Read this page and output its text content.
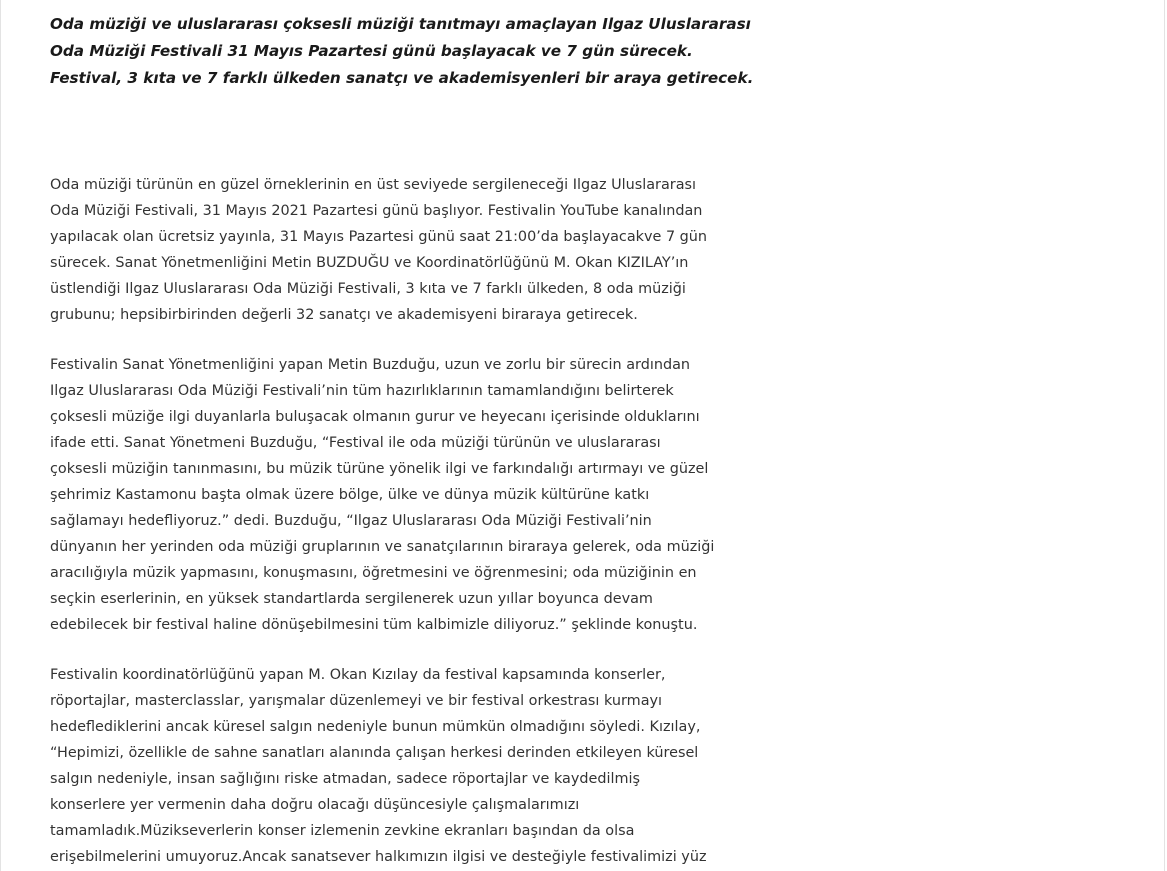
Oda müziği ve uluslararası çoksesli müziği tanıtmayı amaçlayan Ilgaz Uluslararası
Oda Müziği Festivali 31 Mayıs Pazartesi günü başlayacak ve 7 gün sürecek.
Festival, 3 kıta ve 7 farklı ülkeden sanatçı ve akademisyenleri bir araya getirecek.

Oda müziği türünün en güzel örneklerinin en üst seviyede sergileneceği Ilgaz Uluslararası
Oda Müziği Festivali, 31 Mayıs 2021 Pazartesi günü başlıyor. Festivalin YouTube kanalından
yapılacak olan ücretsiz yayınla, 31 Mayıs Pazartesi günü saat 21:00’da başlayacakve 7 gün
sürecek. Sanat Yönetmenliğini Metin BUZDUĞU ve Koordinatörlüğünü M. Okan KIZILAY’ın
üstlendiği Ilgaz Uluslararası Oda Müziği Festivali, 3 kıta ve 7 farklı ülkeden, 8 oda müziği
grubunu; hepsibirbirinden değerli 32 sanatçı ve akademisyeni biraraya getirecek.

Festivalin Sanat Yönetmenliğini yapan Metin Buzduğu, uzun ve zorlu bir sürecin ardından
Ilgaz Uluslararası Oda Müziği Festivali’nin tüm hazırlıklarının tamamlandığını belirterek
çoksesli müziğe ilgi duyanlarla buluşacak olmanın gurur ve heyecanı içerisinde olduklarını
ifade etti. Sanat Yönetmeni Buzduğu, “Festival ile oda müziği türünün ve uluslararası
çoksesli müziğin tanınmasını, bu müzik türüne yönelik ilgi ve farkındalığı artırmayı ve güzel
şehrimiz Kastamonu başta olmak üzere bölge, ülke ve dünya müzik kültürüne katkı
sağlamayı hedefliyoruz.” dedi. Buzduğu, “Ilgaz Uluslararası Oda Müziği Festivali’nin
dünyanın her yerinden oda müziği gruplarının ve sanatçılarının biraraya gelerek, oda müziği
aracılığıyla müzik yapmasını, konuşmasını, öğretmesini ve öğrenmesini; oda müziğinin en
seçkin eserlerinin, en yüksek standartlarda sergilenerek uzun yıllar boyunca devam
edebilecek bir festival haline dönüşebilmesini tüm kalbimizle diliyoruz.” şeklinde konuştu.

Festivalin koordinatörlüğünü yapan M. Okan Kızılay da festival kapsamında konserler,
röportajlar, masterclasslar, yarışmalar düzenlemeyi ve bir festival orkestrası kurmayı
hedeflediklerini ancak küresel salgın nedeniyle bunun mümkün olmadığını söyledi. Kızılay,
“Hepimizi, özellikle de sahne sanatları alanında çalışan herkesi derinden etkileyen küresel
salgın nedeniyle, insan sağlığını riske atmadan, sadece röportajlar ve kaydedilmiş
konserlere yer vermenin daha doğru olacağı düşüncesiyle çalışmalarımızı
tamamladık.Müzikseverlerin konser izlemenin zevkine ekranları başından da olsa
erişebilmelerini umuyoruz.Ancak sanatsever halkımızın ilgisi ve desteğiyle festivalimizi yüz
